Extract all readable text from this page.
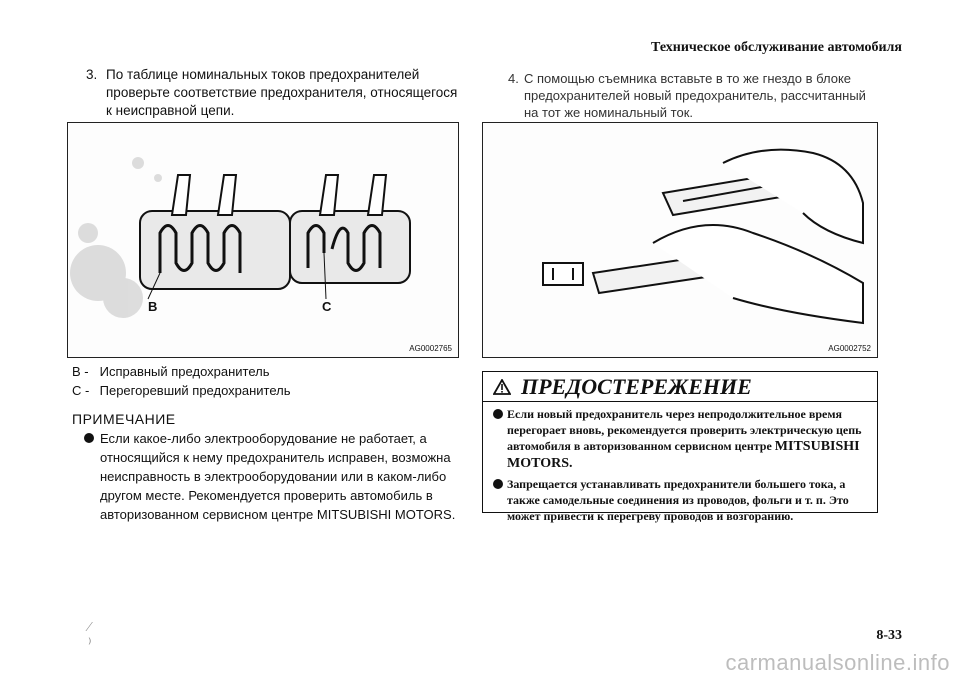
Техническое обслуживание автомобиля
3. По таблице номинальных токов предохранителей проверьте соответствие предохранителя, относящегося к неисправной цепи.
4. С помощью съемника вставьте в то же гнездо в блоке предохранителей новый предохранитель, рассчитанный на тот же номинальный ток.
B	C
AG0002765	AG0002752
B - Исправный предохранитель
C - Перегоревший предохранитель
ПРИМЕЧАНИЕ
Если какое-либо электрооборудование не работает, а относящийся к нему предохранитель исправен, возможна неисправность в электрооборудовании или в каком-либо другом месте. Рекомендуется проверить автомобиль в авторизованном сервисном центре MITSUBISHI MOTORS.
ПРЕДОСТЕРЕЖЕНИЕ
Если новый предохранитель через непродолжительное время перегорает вновь, рекомендуется проверить электрическую цепь автомобиля в авторизованном сервисном центре MITSUBISHI MOTORS.
Запрещается устанавливать предохранители большего тока, а также самодельные соединения из проводов, фольги и т. п. Это может привести к перегреву проводов и возгоранию.
⁄
⁾
8-33
carmanualsonline.info
